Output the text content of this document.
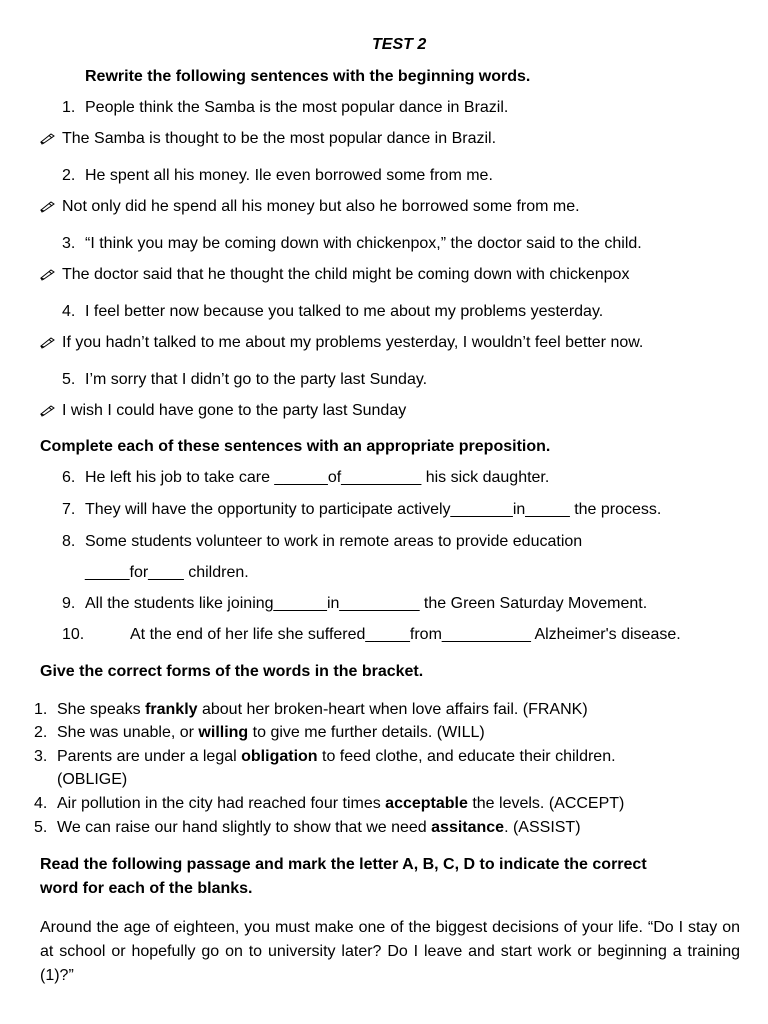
TEST 2
Rewrite the following sentences with the beginning words.
1. People think the Samba is the most popular dance in Brazil.
The Samba is thought to be the most popular dance in Brazil.
2. He spent all his money. Ile even borrowed some from me.
Not only did he spend all his money but also he borrowed some from me.
3. “I think you may be coming down with chickenpox,” the doctor said to the child.
The doctor said that he thought the child might be coming down with chickenpox
4. I feel better now because you talked to me about my problems yesterday.
If you hadn’t talked to me about my problems yesterday, I wouldn’t feel better now.
5. I’m sorry that I didn’t go to the party last Sunday.
I wish I could have gone to the party last Sunday
Complete each of these sentences with an appropriate preposition.
6. He left his job to take care ______of_________ his sick daughter.
7. They will have the opportunity to participate actively_______in_____ the process.
8. Some students volunteer to work in remote areas to provide education
_____for____ children.
9. All the students like joining______in_________ the Green Saturday Movement.
10.	At the end of her life she suffered_____from__________ Alzheimer's disease.
Give the correct forms of the words in the bracket.
1. She speaks frankly about her broken-heart when love affairs fail. (FRANK)
2. She was unable, or willing to give me further details. (WILL)
3. Parents are under a legal obligation to feed clothe, and educate their children.
(OBLIGE)
4. Air pollution in the city had reached four times acceptable the levels. (ACCEPT)
5. We can raise our hand slightly to show that we need assitance. (ASSIST)
Read the following passage and mark the letter A, B, C, D to indicate the correct
word for each of the blanks.
Around the age of eighteen, you must make one of the biggest decisions of your life. “Do I stay on at school or hopefully go on to university later? Do I leave and start work or beginning a training (1)?”
